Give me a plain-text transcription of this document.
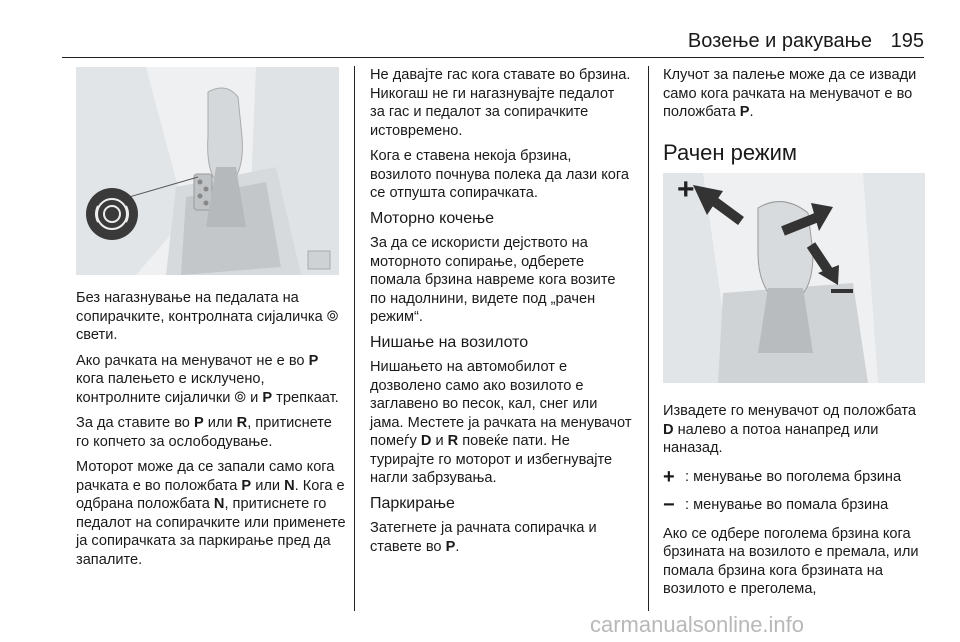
Возење и ракување 195

Без нагазнување на педалата на сопирачките, контролната сијаличка ⦾ свети.

Ако рачката на менувачот не е во P кога палењето е исклучено, контролните сијалички ⦾ и P трепкаат.

За да ставите во P или R, притиснете го копчето за ослободување.

Моторот може да се запали само кога рачката е во положбата P или N. Кога е одбрана положбата N, притиснете го педалот на сопирачките или применете ја сопирачката за паркирање пред да запалите.

Не давајте гас кога ставате во брзина. Никогаш не ги нагазнувајте педалот за гас и педалот за сопирачките истовремено.

Кога е ставена некоја брзина, возилото почнува полека да лази кога се отпушта сопирачката.

Моторно кочење

За да се искористи дејството на моторното сопирање, одберете помала брзина навреме кога возите по надолнини, видете под „рачен режим“.

Нишање на возилото

Нишањето на автомобилот е дозволено само ако возилото е заглавено во песок, кал, снег или јама. Местете ја рачката на менувачот помеѓу D и R повеќе пати. Не турирајте го моторот и избегнувајте нагли забрзувања.

Паркирање

Затегнете ја рачната сопирачка и ставете во P.

Клучот за палење може да се извади само кога рачката на менувачот е во положбата P.

Рачен режим

Извадете го менувачот од положбата D налево а потоа нанапред или наназад.

+ : менување во поголема брзина
− : менување во помала брзина

Ако се одбере поголема брзина кога брзината на возилото е премала, или помала брзина кога брзината на возилото е преголема,

+
carmanualsonline.info
